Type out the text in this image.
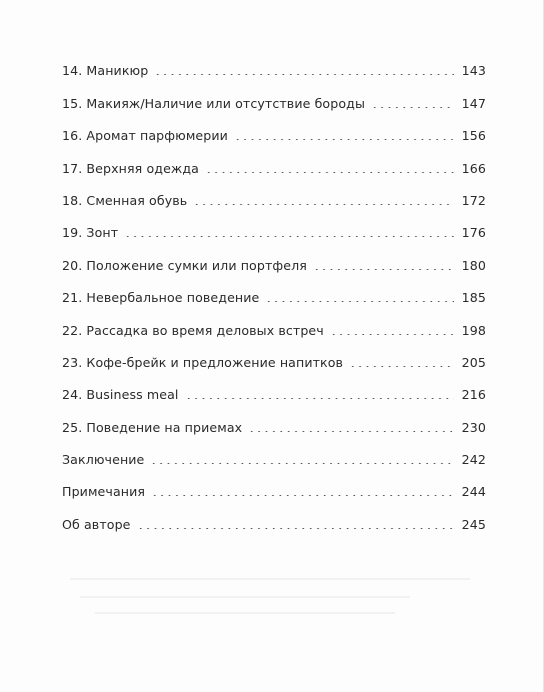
14. Маникюр	143
15. Макияж/Наличие или отсутствие бороды	147
16. Аромат парфюмерии	156
17. Верхняя одежда	166
18. Сменная обувь	172
19. Зонт	176
20. Положение сумки или портфеля	180
21. Невербальное поведение	185
22. Рассадка во время деловых встреч	198
23. Кофе-брейк и предложение напитков	205
24. Business meal	216
25. Поведение на приемах	230
Заключение	242
Примечания	244
Об авторе	245
